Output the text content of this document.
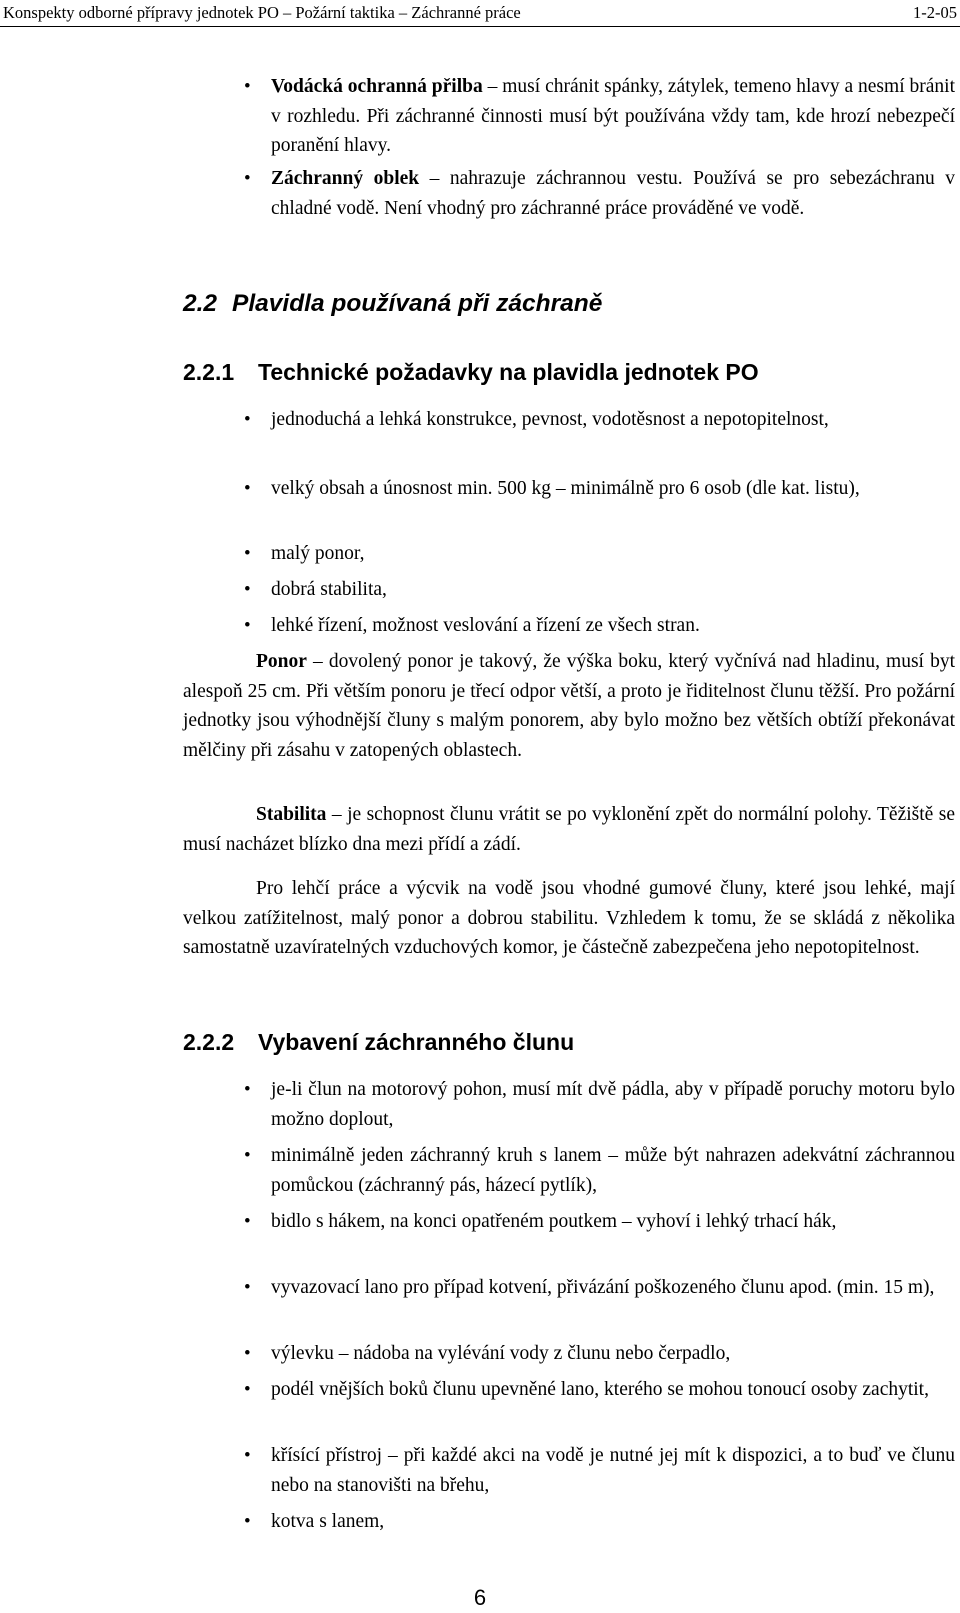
Konspekty odborné přípravy jednotek PO – Požární taktika – Záchranné práce	1-2-05
• Vodácká ochranná přilba – musí chránit spánky, zátylek, temeno hlavy a nesmí bránit v rozhledu. Při záchranné činnosti musí být používána vždy tam, kde hrozí nebezpečí poranění hlavy.
• Záchranný oblek – nahrazuje záchrannou vestu. Používá se pro sebezáchranu v chladné vodě. Není vhodný pro záchranné práce prováděné ve vodě.
2.2 Plavidla používaná při záchraně
2.2.1 Technické požadavky na plavidla jednotek PO
• jednoduchá a lehká konstrukce, pevnost, vodotěsnost a nepotopitelnost,
• velký obsah a únosnost min. 500 kg – minimálně pro 6 osob (dle kat. listu),
• malý ponor,
• dobrá stabilita,
• lehké řízení, možnost veslování a řízení ze všech stran.
Ponor – dovolený ponor je takový, že výška boku, který vyčnívá nad hladinu, musí byt alespoň 25 cm. Při větším ponoru je třecí odpor větší, a proto je řiditelnost člunu těžší. Pro požární jednotky jsou výhodnější čluny s malým ponorem, aby bylo možno bez větších obtíží překonávat mělčiny při zásahu v zatopených oblastech.
Stabilita – je schopnost člunu vrátit se po vyklonění zpět do normální polohy. Těžiště se musí nacházet blízko dna mezi přídí a zádí.
Pro lehčí práce a výcvik na vodě jsou vhodné gumové čluny, které jsou lehké, mají velkou zatížitelnost, malý ponor a dobrou stabilitu. Vzhledem k tomu, že se skládá z několika samostatně uzavíratelných vzduchových komor, je částečně zabezpečena jeho nepotopitelnost.
2.2.2 Vybavení záchranného člunu
• je-li člun na motorový pohon, musí mít dvě pádla, aby v případě poruchy motoru bylo možno doplout,
• minimálně jeden záchranný kruh s lanem – může být nahrazen adekvátní záchrannou pomůckou (záchranný pás, házecí pytlík),
• bidlo s hákem, na konci opatřeném poutkem – vyhoví i lehký trhací hák,
• vyvazovací lano pro případ kotvení, přivázání poškozeného člunu apod. (min. 15 m),
• výlevku – nádoba na vylévání vody z člunu nebo čerpadlo,
• podél vnějších boků člunu upevněné lano, kterého se mohou tonoucí osoby zachytit,
• křísící přístroj – při každé akci na vodě je nutné jej mít k dispozici, a to buď ve člunu nebo na stanovišti na břehu,
• kotva s lanem,
6
